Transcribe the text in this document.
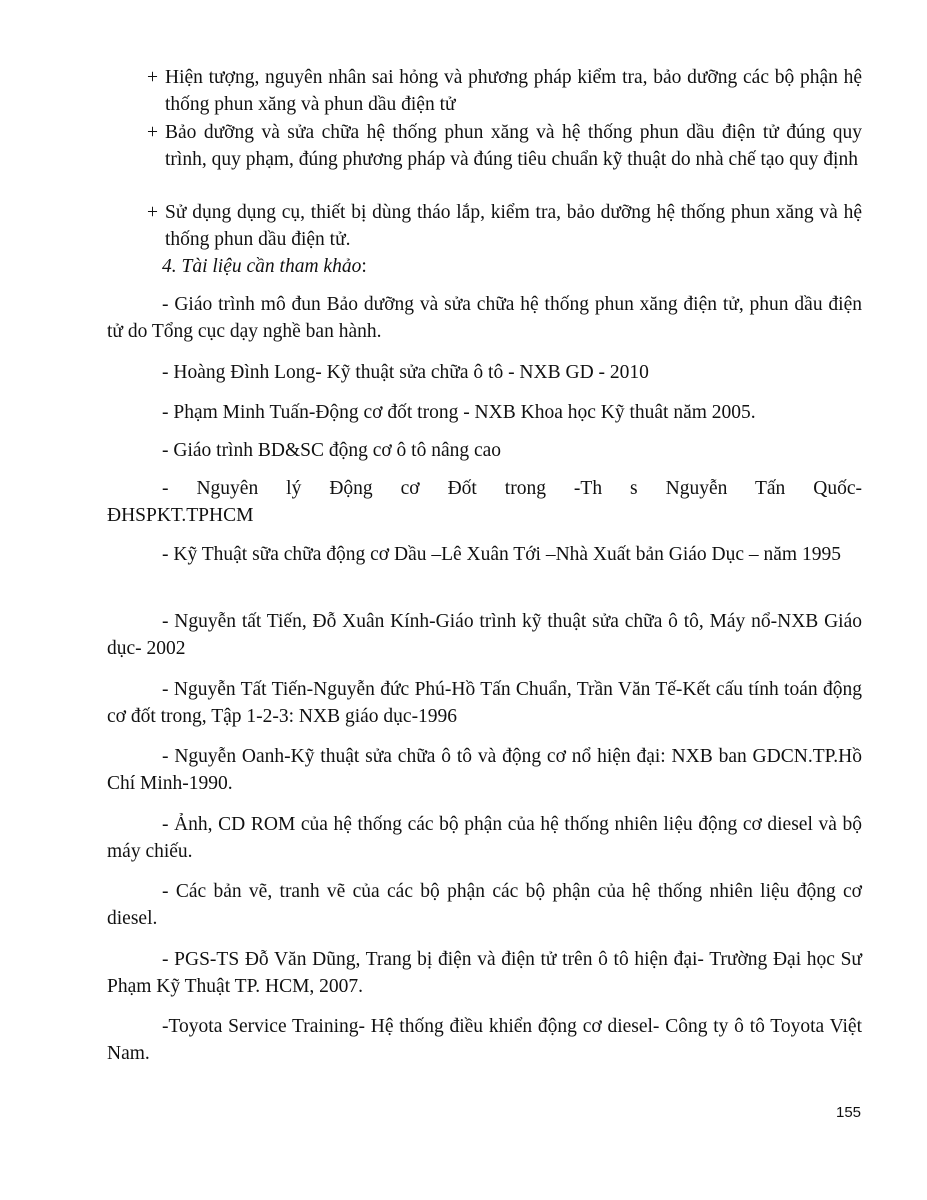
+ Hiện tượng, nguyên nhân sai hỏng và phương pháp kiểm tra, bảo dưỡng các bộ phận hệ thống phun xăng và phun dầu điện tử
+ Bảo dưỡng và sửa chữa hệ thống phun xăng và hệ thống phun dầu điện tử đúng quy trình, quy phạm, đúng phương pháp và đúng tiêu chuẩn kỹ thuật do nhà chế tạo quy định
+ Sử dụng dụng cụ, thiết bị dùng tháo lắp, kiểm tra, bảo dưỡng hệ thống phun xăng và hệ thống phun dầu điện tử.
4. Tài liệu cần tham khảo:
- Giáo trình mô đun Bảo dưỡng và sửa chữa hệ thống phun xăng điện tử, phun dầu điện tử do Tổng cục dạy nghề ban hành.
- Hoàng Đình Long- Kỹ thuật sửa chữa ô tô - NXB GD - 2010
- Phạm Minh Tuấn-Động cơ đốt trong - NXB Khoa học Kỹ thuât năm 2005.
- Giáo trình BD&SC động cơ ô tô nâng cao
- Nguyên lý Động cơ Đốt trong -Th s Nguyễn Tấn Quốc-ĐHSPKT.TPHCM
- Kỹ Thuật sữa chữa động cơ Dầu –Lê Xuân Tới –Nhà Xuất bản Giáo Dục – năm 1995
- Nguyễn tất Tiến, Đỗ Xuân Kính-Giáo trình kỹ thuật sửa chữa ô tô, Máy nổ-NXB Giáo dục- 2002
- Nguyễn Tất Tiến-Nguyễn đức Phú-Hồ Tấn Chuẩn, Trần Văn Tế-Kết cấu tính toán động cơ đốt trong, Tập 1-2-3: NXB giáo dục-1996
- Nguyễn Oanh-Kỹ thuật sửa chữa ô tô và động cơ nổ hiện đại: NXB ban GDCN.TP.Hồ Chí Minh-1990.
- Ảnh, CD ROM của hệ thống các bộ phận của hệ thống nhiên liệu động cơ diesel và bộ máy chiếu.
- Các bản vẽ, tranh vẽ của các bộ phận các bộ phận của hệ thống nhiên liệu động cơ diesel.
- PGS-TS Đỗ Văn Dũng, Trang bị điện và điện tử trên ô tô hiện đại- Trường Đại học Sư Phạm Kỹ Thuật TP. HCM, 2007.
-Toyota Service Training- Hệ thống điều khiển động cơ diesel- Công ty ô tô Toyota Việt Nam.
155
